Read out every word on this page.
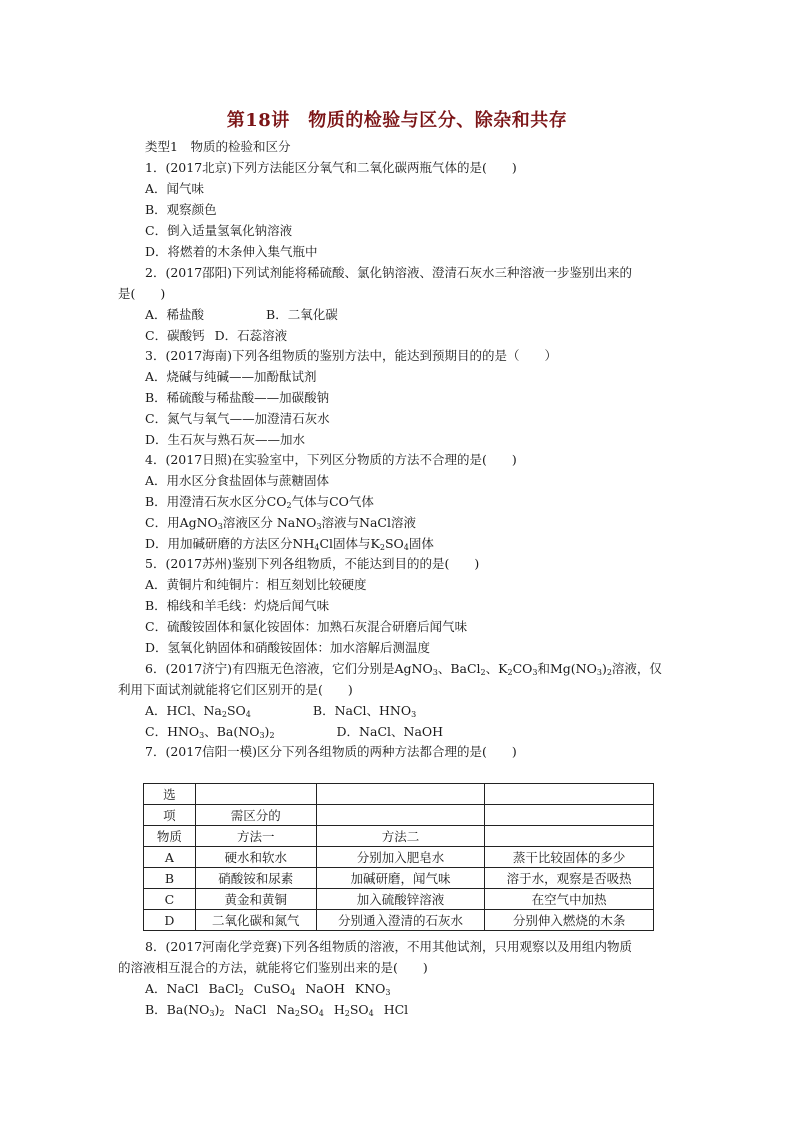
第18讲　物质的检验与区分、除杂和共存
类型1　物质的检验和区分
1．(2017北京)下列方法能区分氧气和二氧化碳两瓶气体的是(　　)
A．闻气味
B．观察颜色
C．倒入适量氢氧化钠溶液
D．将燃着的木条伸入集气瓶中
2．(2017邵阳)下列试剂能将稀硫酸、氯化钠溶液、澄清石灰水三种溶液一步鉴别出来的
是(　　)
A．稀盐酸	B．二氧化碳
C．碳酸钙 D．石蕊溶液
3．(2017海南)下列各组物质的鉴别方法中，能达到预期目的的是（　　）
A．烧碱与纯碱——加酚酞试剂
B．稀硫酸与稀盐酸——加碳酸钠
C．氮气与氧气——加澄清石灰水
D．生石灰与熟石灰——加水
4．(2017日照)在实验室中，下列区分物质的方法不合理的是(　　)
A．用水区分食盐固体与蔗糖固体
B．用澄清石灰水区分$CO_2$气体与CO气体
C．用AgNO$_3$溶液区分 NaNO$_3$溶液与NaCl溶液
D．用加碱研磨的方法区分$NH_4Cl$固体与$K_2SO_4$固体
5．(2017苏州)鉴别下列各组物质，不能达到目的的是(　　)
A．黄铜片和纯铜片：相互刻划比较硬度
B．棉线和羊毛线：灼烧后闻气味
C．硫酸铵固体和氯化铵固体：加熟石灰混合研磨后闻气味
D．氢氧化钠固体和硝酸铵固体：加水溶解后测温度
6．(2017济宁)有四瓶无色溶液，它们分别是AgNO$_3$、BaCl$_2$、$K_2CO_3$和$Mg(NO_3)_2$溶液，仅
利用下面试剂就能将它们区别开的是(　　)
A．HCl、$Na_2SO_4$	B．NaCl、$HNO_3$
C．$HNO_3$、$Ba(NO_3)_2$	D．NaCl、NaOH
7．(2017信阳一模)区分下列各组物质的两种方法都合理的是(　　)
选			
项	需区分的		
物质	方法一	方法二	
A	硬水和软水	分别加入肥皂水	蒸干比较固体的多少
B	硝酸铵和尿素	加碱研磨，闻气味	溶于水，观察是否吸热
C	黄金和黄铜	加入硫酸锌溶液	在空气中加热
D	二氧化碳和氮气	分别通入澄清的石灰水	分别伸入燃烧的木条
8．(2017河南化学竞赛)下列各组物质的溶液，不用其他试剂，只用观察以及用组内物质
的溶液相互混合的方法，就能将它们鉴别出来的是(　　)
A．NaCl BaCl$_2$ CuSO$_4$ NaOH $KNO_3$
B．$Ba(NO_3)_2$ NaCl $Na_2SO_4$ $H_2SO_4$ HCl
